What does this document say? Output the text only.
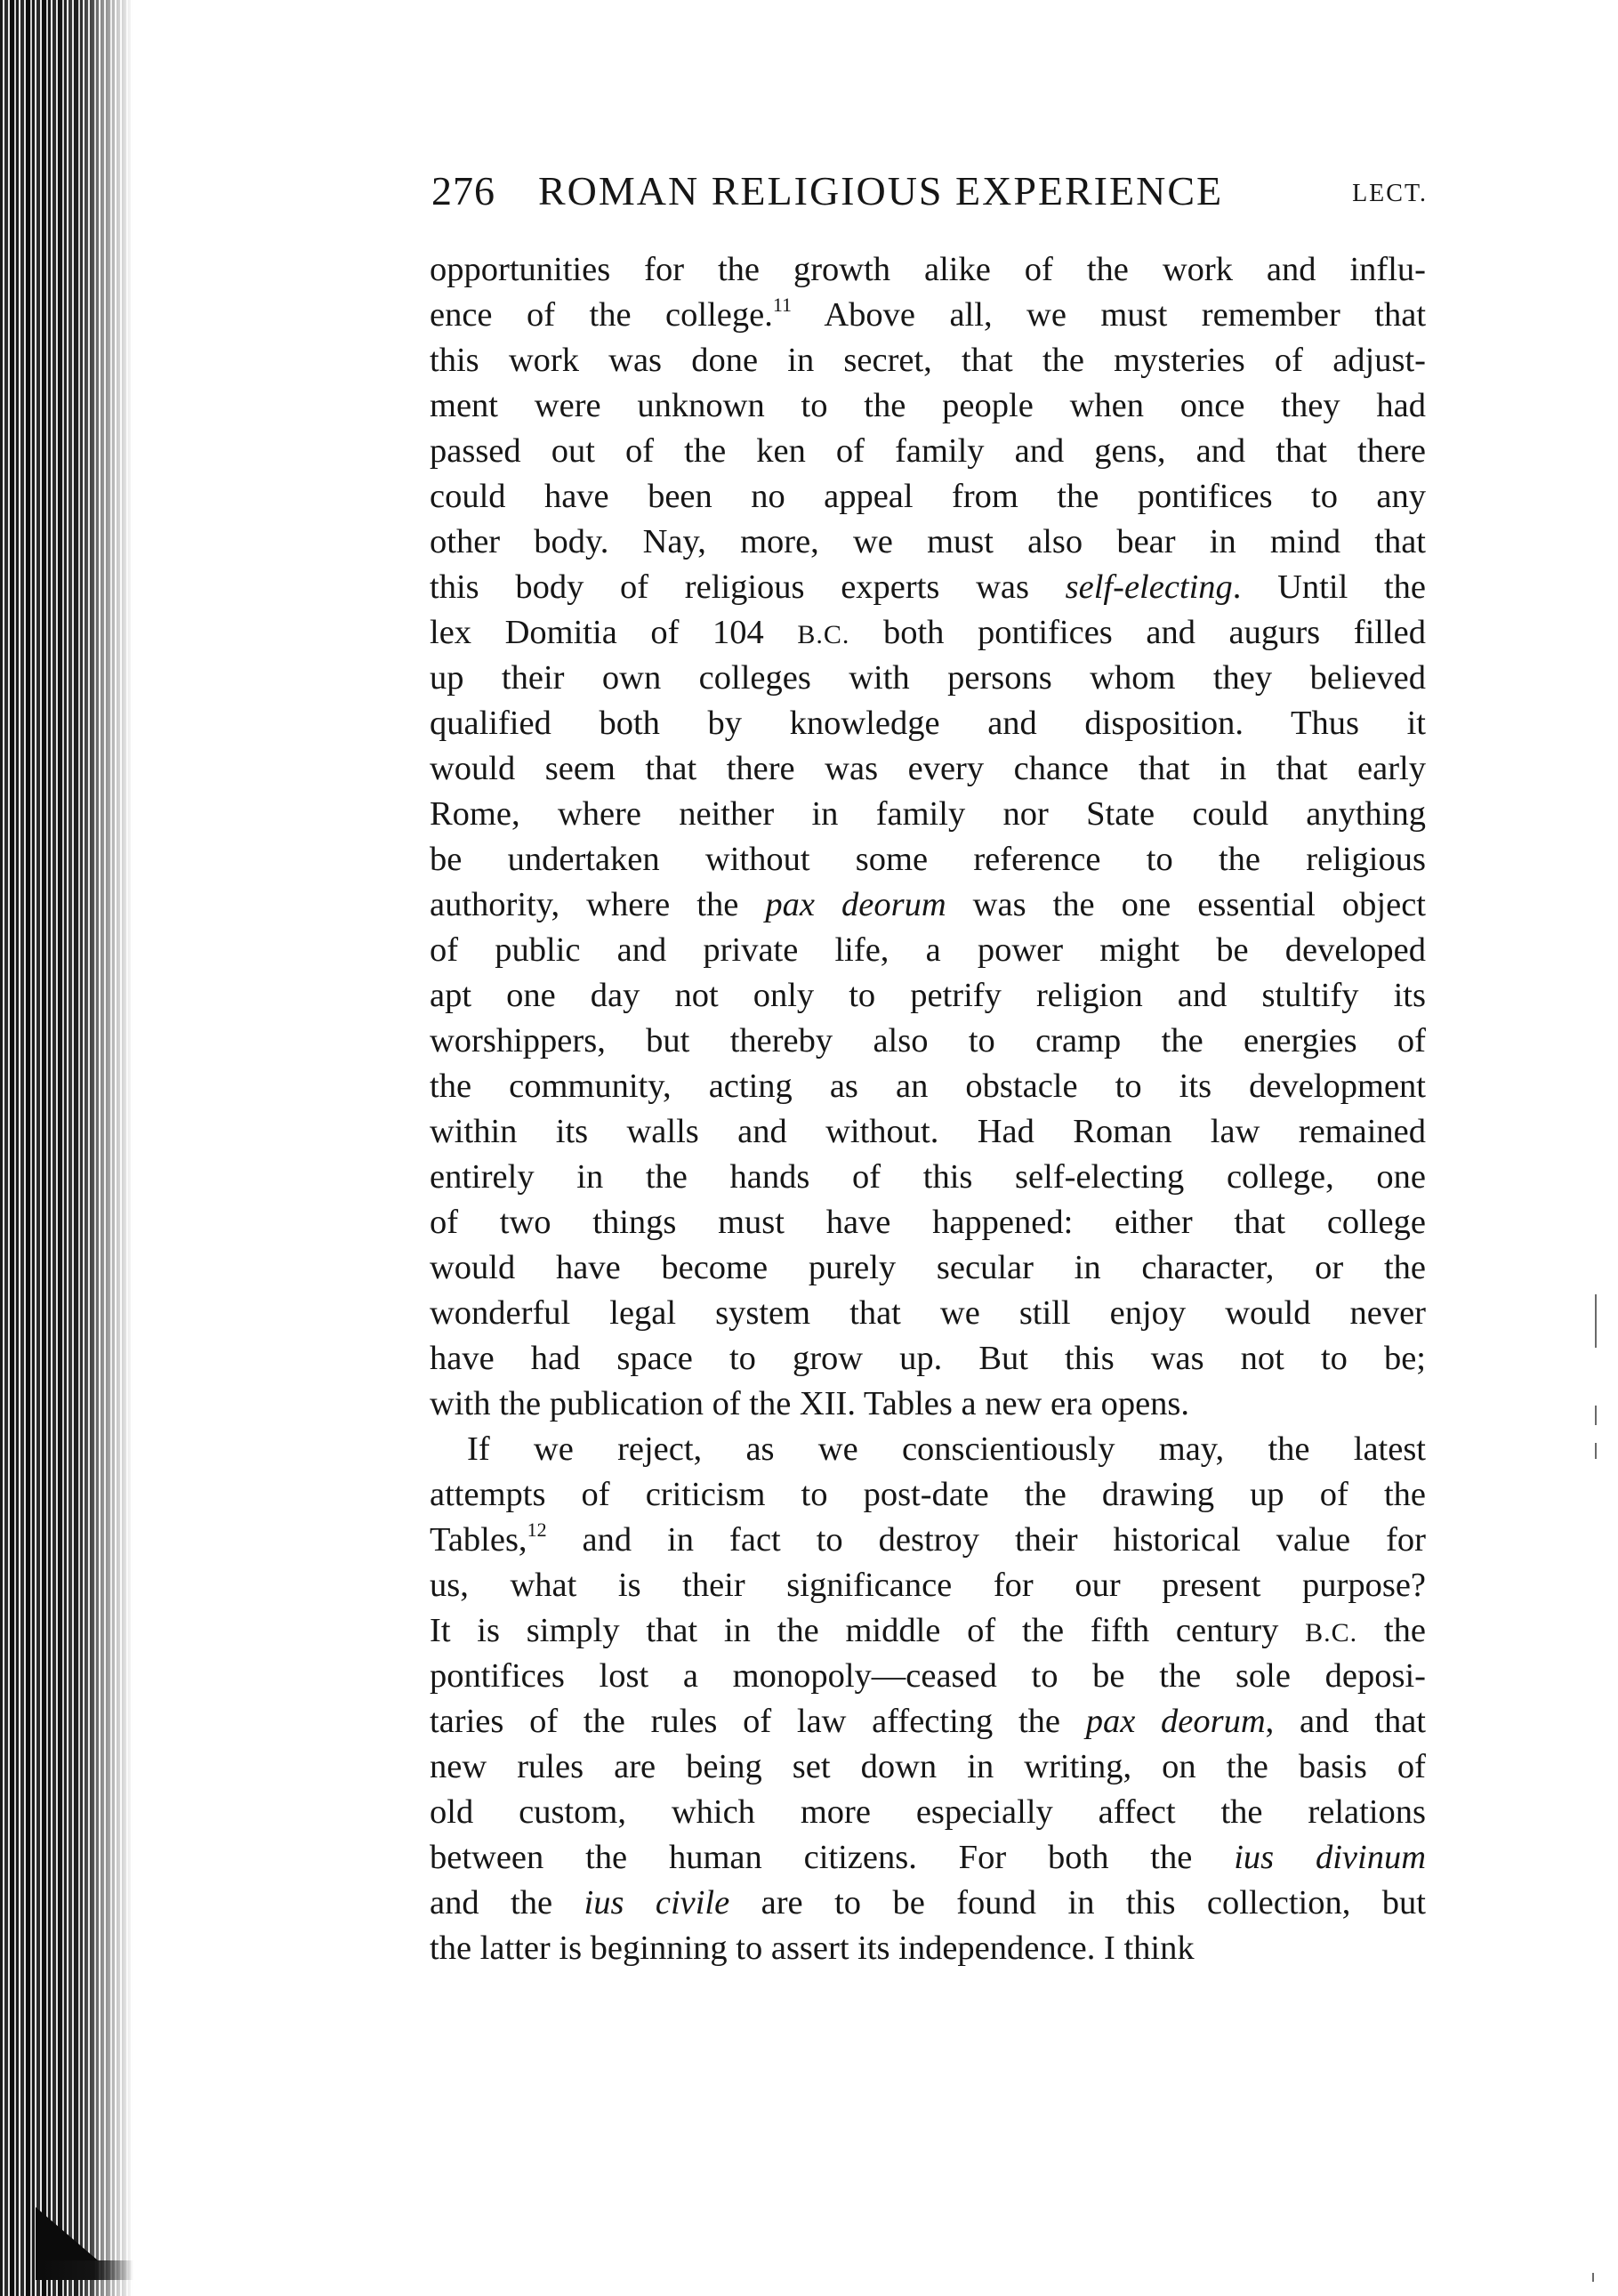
276 ROMAN RELIGIOUS EXPERIENCE	LECT.
opportunities for the growth alike of the work and influ-
ence of the college.$^{11}$ Above all, we must remember that
this work was done in secret, that the mysteries of adjust-
ment were unknown to the people when once they had
passed out of the ken of family and gens, and that there
could have been no appeal from the pontifices to any
other body. Nay, more, we must also bear in mind that
this body of religious experts was self-electing. Until the
lex Domitia of 104 B.C. both pontifices and augurs filled
up their own colleges with persons whom they believed
qualified both by knowledge and disposition. Thus it
would seem that there was every chance that in that early
Rome, where neither in family nor State could anything
be undertaken without some reference to the religious
authority, where the pax deorum was the one essential object
of public and private life, a power might be developed
apt one day not only to petrify religion and stultify its
worshippers, but thereby also to cramp the energies of
the community, acting as an obstacle to its development
within its walls and without. Had Roman law remained
entirely in the hands of this self-electing college, one
of two things must have happened: either that college
would have become purely secular in character, or the
wonderful legal system that we still enjoy would never
have had space to grow up. But this was not to be;
with the publication of the XII. Tables a new era opens.
If we reject, as we conscientiously may, the latest
attempts of criticism to post-date the drawing up of the
Tables,$^{12}$ and in fact to destroy their historical value for
us, what is their significance for our present purpose?
It is simply that in the middle of the fifth century B.C. the
pontifices lost a monopoly—ceased to be the sole deposi-
taries of the rules of law affecting the pax deorum, and that
new rules are being set down in writing, on the basis of
old custom, which more especially affect the relations
between the human citizens. For both the ius divinum
and the ius civile are to be found in this collection, but
the latter is beginning to assert its independence. I think
